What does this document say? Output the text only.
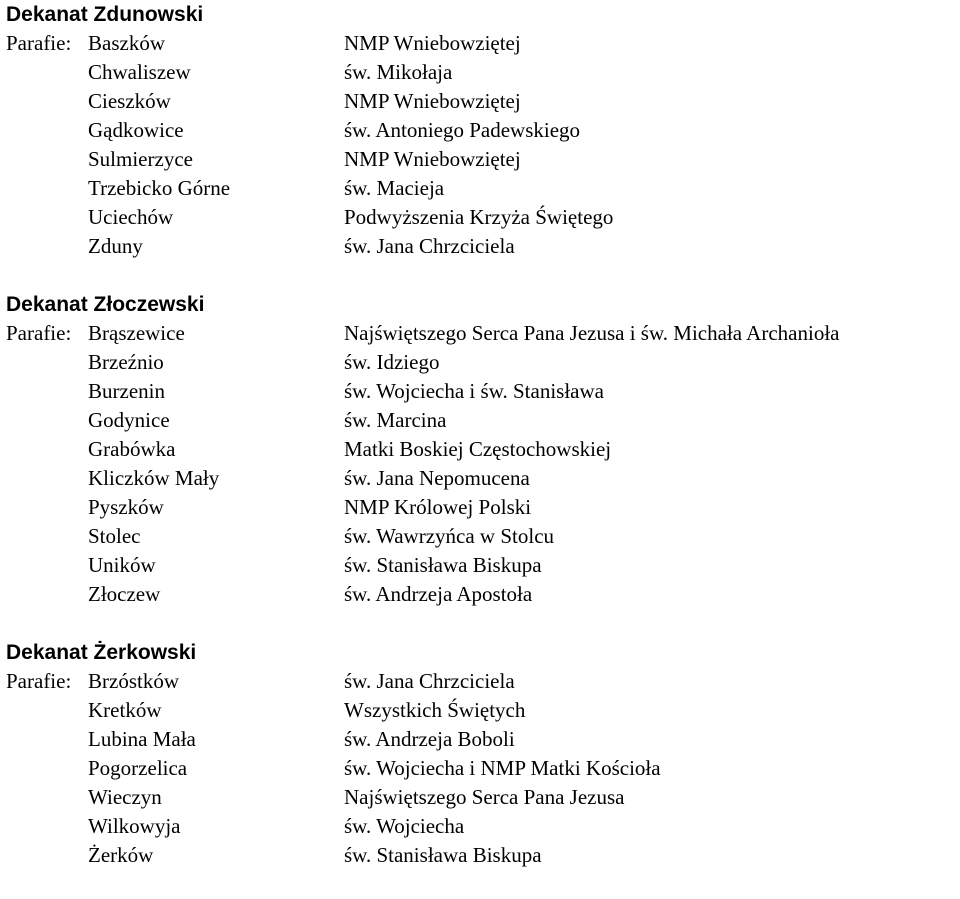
Dekanat Zdunowski
Parafie: Baszków	NMP Wniebowziętej
Chwaliszew	św. Mikołaja
Cieszków	NMP Wniebowziętej
Gądkowice	św. Antoniego Padewskiego
Sulmierzyce	NMP Wniebowziętej
Trzebicko Górne	św. Macieja
Uciechów	Podwyższenia Krzyża Świętego
Zduny	św. Jana Chrzciciela
Dekanat Złoczewski
Parafie: Brąszewice	Najświętszego Serca Pana Jezusa i św. Michała Archanioła
Brzeźnio	św. Idziego
Burzenin	św. Wojciecha i św. Stanisława
Godynice	św. Marcina
Grabówka	Matki Boskiej Częstochowskiej
Kliczków Mały	św. Jana Nepomucena
Pyszków	NMP Królowej Polski
Stolec	św. Wawrzyńca w Stolcu
Uników	św. Stanisława Biskupa
Złoczew	św. Andrzeja Apostoła
Dekanat Żerkowski
Parafie: Brzóstków	św. Jana Chrzciciela
Kretków	Wszystkich Świętych
Lubina Mała	św. Andrzeja Boboli
Pogorzelica	św. Wojciecha i NMP Matki Kościoła
Wieczyn	Najświętszego Serca Pana Jezusa
Wilkowyja	św. Wojciecha
Żerków	św. Stanisława Biskupa
